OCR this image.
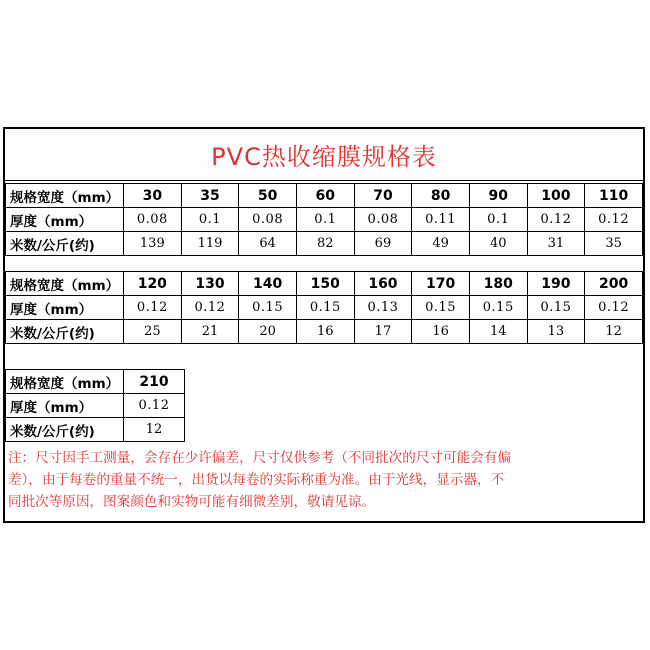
PVC热收缩膜规格表
规格宽度（mm）	30	35	50	60	70	80	90	100	110
厚度（mm）	0.08	0.1	0.08	0.1	0.08	0.11	0.1	0.12	0.12
米数/公斤(约)	139	119	64	82	69	49	40	31	35
规格宽度（mm）	120	130	140	150	160	170	180	190	200
厚度（mm）	0.12	0.12	0.15	0.15	0.13	0.15	0.15	0.15	0.12
米数/公斤(约)	25	21	20	16	17	16	14	13	12
规格宽度（mm）	210
厚度（mm）	0.12
米数/公斤(约)	12
注：尺寸因手工测量，会存在少许偏差，尺寸仅供参考（不同批次的尺寸可能会有偏
差），由于每卷的重量不统一，出货以每卷的实际称重为准。由于光线，显示器，不
同批次等原因，图案颜色和实物可能有细微差别，敬请见谅。
